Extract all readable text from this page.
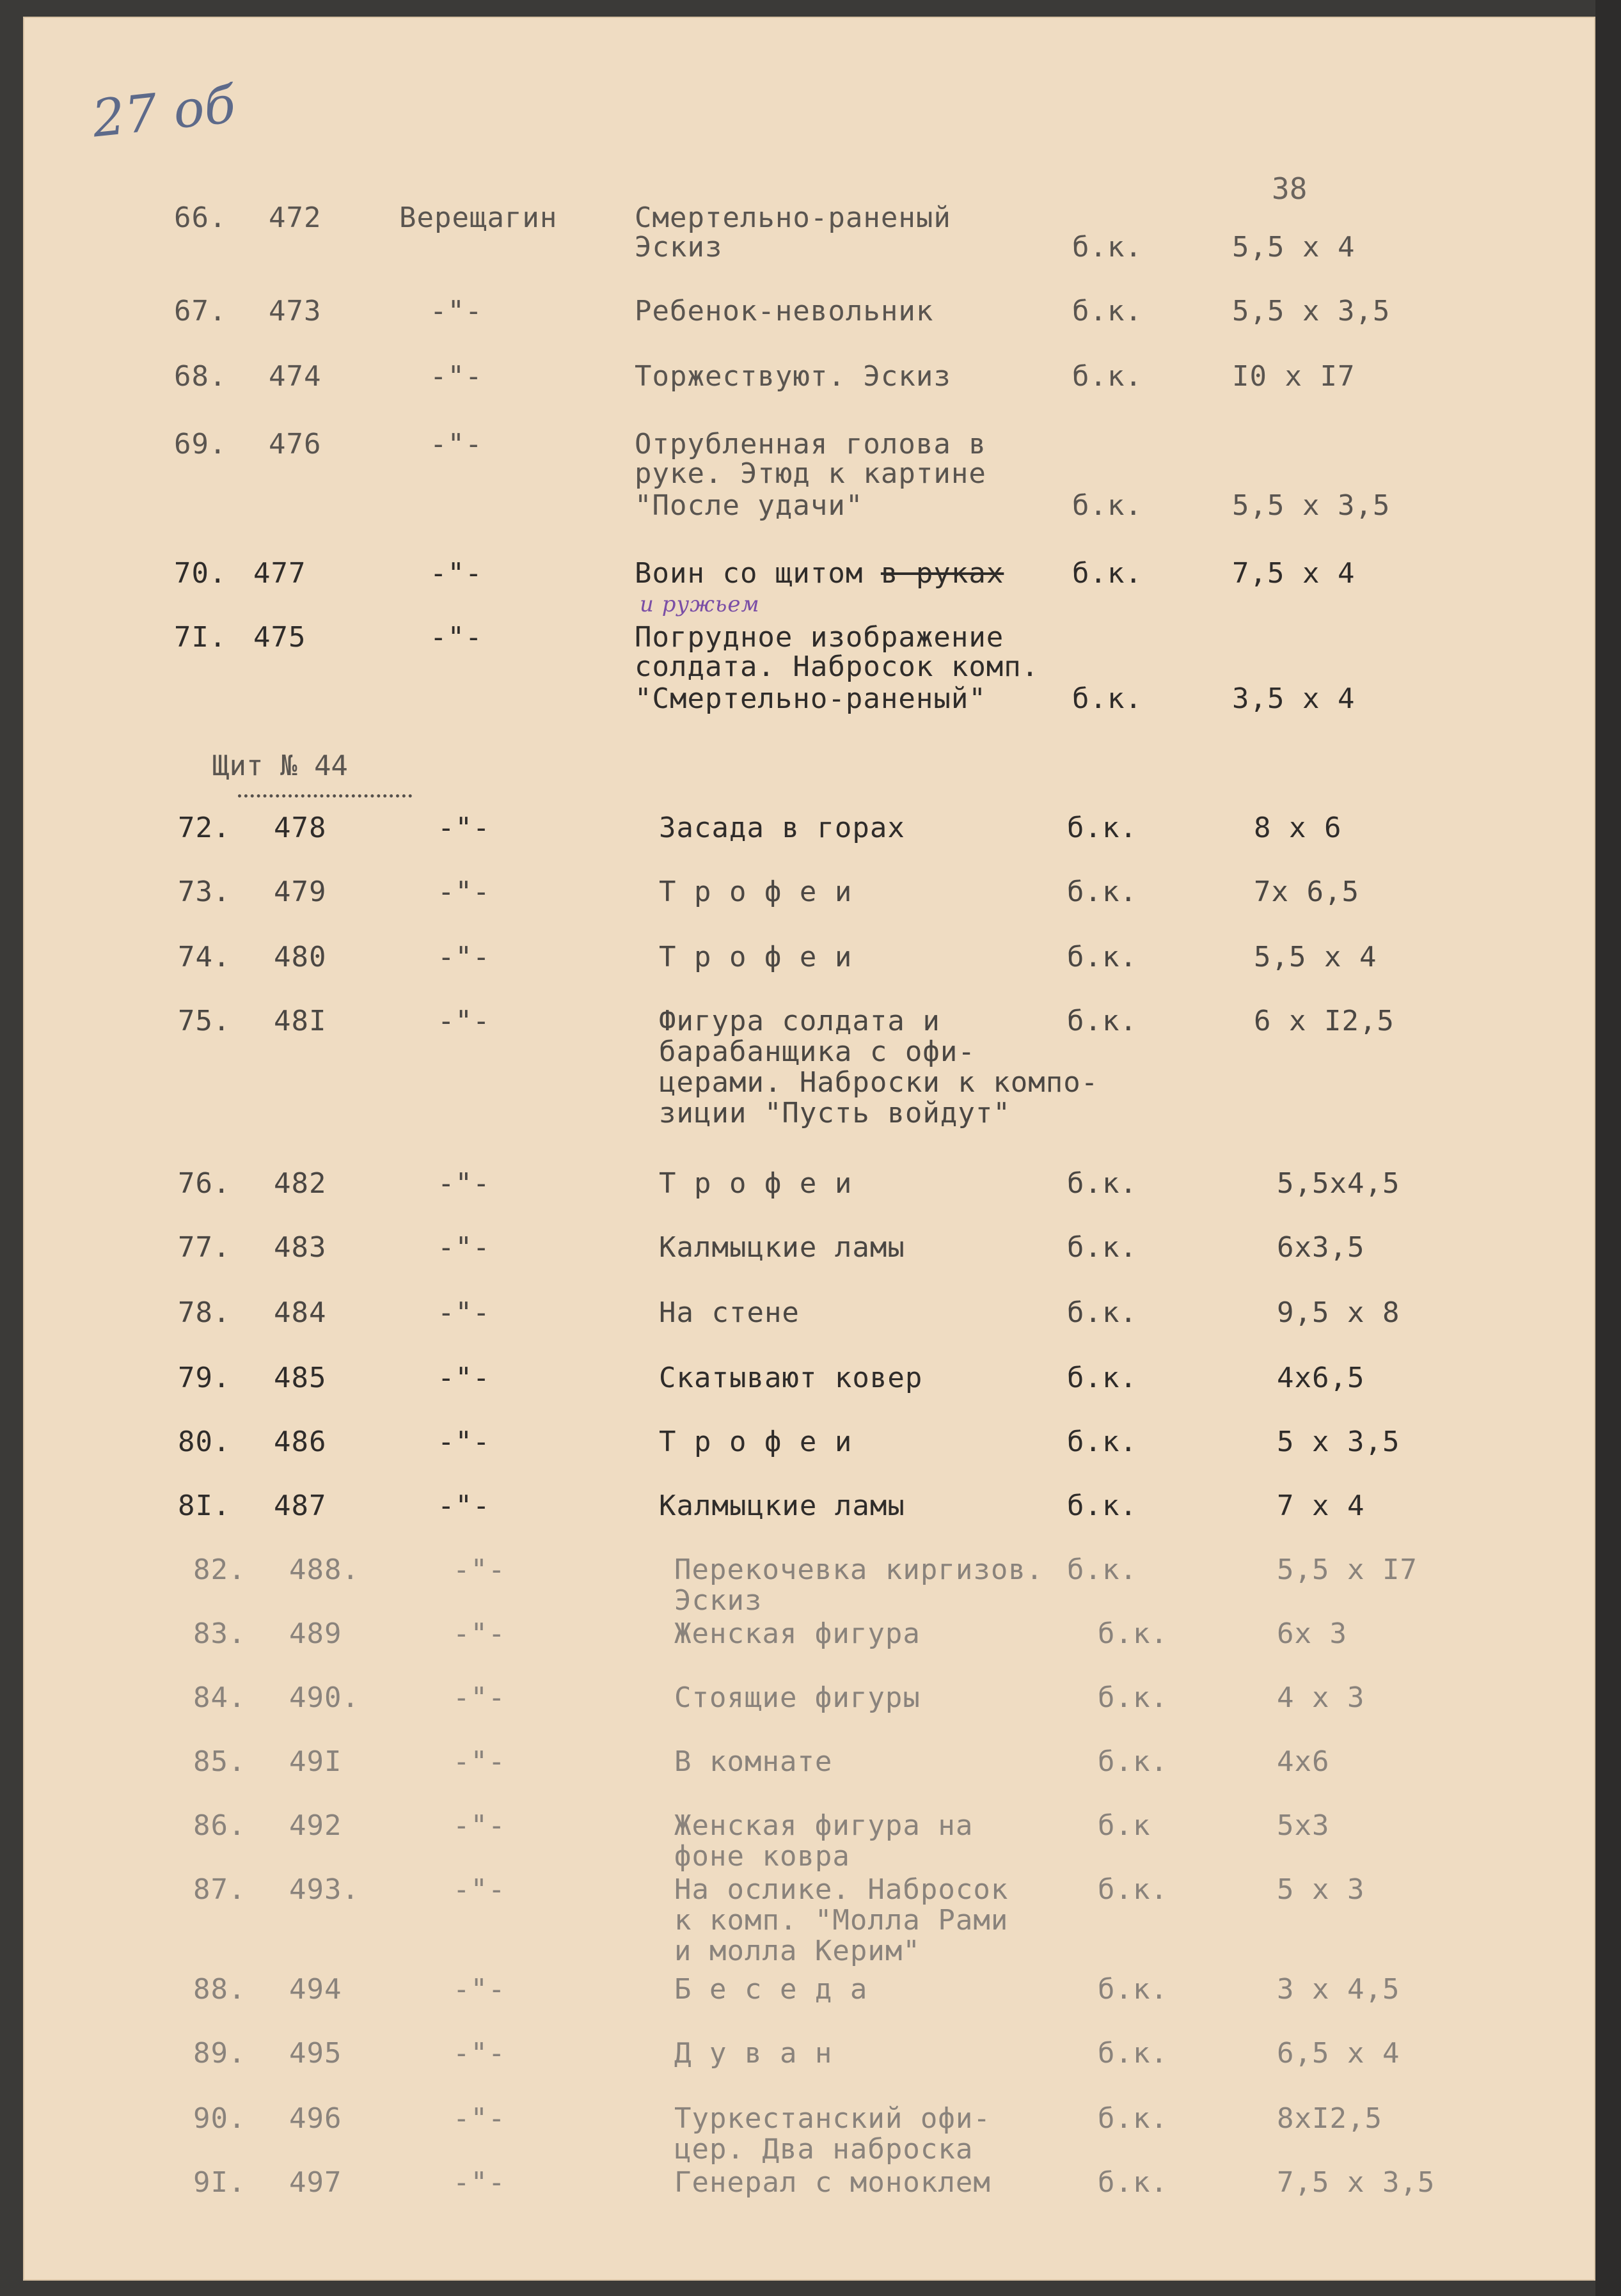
27 об
38
66. 472	Верещагин	Смертельно-раненый
Эскиз	б.к.	5,5 х 4
67. 473	-"-	Ребенок-невольник	б.к.	5,5 х 3,5
68. 474	-"-	Торжествуют. Эскиз	б.к.	I0 х I7
69. 476	-"-	Отрубленная голова в
руке. Этюд к картине
"После удачи"	б.к.	5,5 х 3,5
70. 477	-"-	Воин со щитом в руках
и ружьем
б.к.	7,5 х 4
7I. 475	-"-	Погрудное изображение
солдата. Набросок комп.
"Смертельно-раненый"	б.к.	3,5 х 4
Щит № 44
72. 478	-"-	Засада в горах	б.к.	8 х 6
73. 479	-"-	Т р о ф е и	б.к.	7х 6,5
74. 480	-"-	Т р о ф е и	б.к.	5,5 х 4
75. 48I	-"-	Фигура солдата и
барабанщика с офи-
церами. Наброски к компо-
зиции "Пусть войдут"
б.к.	6 х I2,5
76. 482	-"-	Т р о ф е и	б.к.	5,5х4,5
77. 483	-"-	Калмыцкие ламы	б.к.	6х3,5
78. 484	-"-	На стене	б.к.	9,5 х 8
79. 485	-"-	Скатывают ковер	б.к.	4х6,5
80. 486	-"-	Т р о ф е и	б.к.	5 х 3,5
8I. 487	-"-	Калмыцкие ламы	б.к.	7 х 4
82. 488.	-"-	Перекочевка киргизов.
Эскиз
б.к.	5,5 х I7
83. 489	-"-	Женская фигура	б.к.	6х 3
84. 490.	-"-	Стоящие фигуры	б.к.	4 х 3
85. 49I	-"-	В комнате	б.к.	4х6
86. 492	-"-	Женская фигура на
фоне ковра
б.к	5х3
87. 493.	-"-	На ослике. Набросок
к комп. "Молла Рами
и молла Керим"
б.к.	5 х 3
88. 494	-"-	Б е с е д а	б.к.	3 х 4,5
89. 495	-"-	Д у в а н	б.к.	6,5 х 4
90. 496	-"-	Туркестанский офи-
цер. Два наброска
б.к.	8хI2,5
9I. 497	-"-	Генерал с моноклем	б.к.	7,5 х 3,5
